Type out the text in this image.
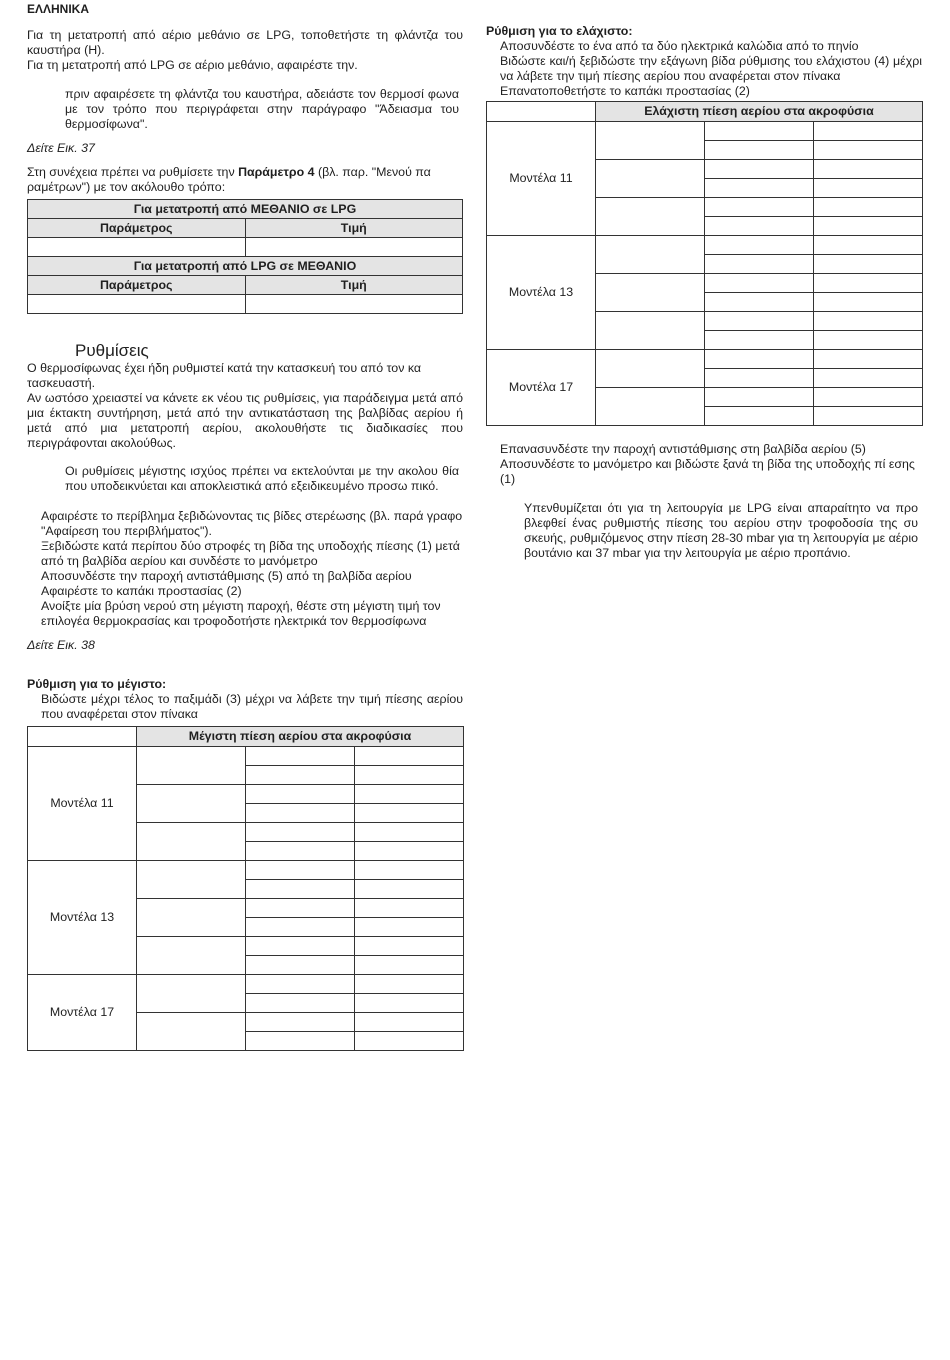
ΕΛΛΗΝΙΚΑ

Για τη μετατροπή από αέριο μεθάνιο σε LPG, τοποθετήστε τη φλάντζα του καυστήρα (H).

Για τη μετατροπή από LPG σε αέριο μεθάνιο, αφαιρέστε την.

πριν αφαιρέσετε τη φλάντζα του καυστήρα, αδειάστε τον θερμοσί φωνα με τον τρόπο που περιγράφεται στην παράγραφο "Άδειασμα του θερμοσίφωνα".

Δείτε Εικ. 37

Στη συνέχεια πρέπει να ρυθμίσετε την Παράμετρο 4 (βλ. παρ. "Μενού πα ραμέτρων") με τον ακόλουθο τρόπο:

Για μετατροπή από ΜΕΘΑΝΙΟ σε LPG	
Παράμετρος	Τιμή

Για μετατροπή από LPG σε ΜΕΘΑΝΙΟ	
Παράμετρος	Τιμή

Ρυθμίσεις

Ο θερμοσίφωνας έχει ήδη ρυθμιστεί κατά την κατασκευή του από τον κα τασκευαστή.

Αν ωστόσο χρειαστεί να κάνετε εκ νέου τις ρυθμίσεις, για παράδειγμα μετά από μια έκτακτη συντήρηση, μετά από την αντικατάσταση της βαλβίδας αερίου ή μετά από μια μετατροπή αερίου, ακολουθήστε τις διαδικασίες που περιγράφονται ακολούθως.

Οι ρυθμίσεις μέγιστης ισχύος πρέπει να εκτελούνται με την ακολου θία που υποδεικνύεται και αποκλειστικά από εξειδικευμένο προσω πικό.

Αφαιρέστε το περίβλημα ξεβιδώνοντας τις βίδες στερέωσης (βλ. παρά γραφο "Αφαίρεση του περιβλήματος").

Ξεβιδώστε κατά περίπου δύο στροφές τη βίδα της υποδοχής πίεσης (1) μετά από τη βαλβίδα αερίου και συνδέστε το μανόμετρο

Αποσυνδέστε την παροχή αντιστάθμισης (5) από τη βαλβίδα αερίου

Αφαιρέστε το καπάκι προστασίας (2)

Ανοίξτε μία βρύση νερού στη μέγιστη παροχή, θέστε στη μέγιστη τιμή τον επιλογέα θερμοκρασίας και τροφοδοτήστε ηλεκτρικά τον θερμοσίφωνα

Δείτε Εικ. 38

Ρύθμιση για το μέγιστο:

Βιδώστε μέχρι τέλος το παξιμάδι (3) μέχρι να λάβετε την τιμή πίεσης αερίου που αναφέρεται στον πίνακα

	Μέγιστη πίεση αερίου στα ακροφύσια		
Μοντέλα 11			

Μοντέλα 13			

Μοντέλα 17			

Ρύθμιση για το ελάχιστο:

Αποσυνδέστε το ένα από τα δύο ηλεκτρικά καλώδια από το πηνίο

Βιδώστε και/ή ξεβιδώστε την εξάγωνη βίδα ρύθμισης του ελάχιστου (4) μέχρι να λάβετε την τιμή πίεσης αερίου που αναφέρεται στον πίνακα

Επανατοποθετήστε το καπάκι προστασίας (2)

	Ελάχιστη πίεση αερίου στα ακροφύσια		
Μοντέλα 11			

Μοντέλα 13			

Μοντέλα 17			

Επανασυνδέστε την παροχή αντιστάθμισης στη βαλβίδα αερίου (5)

Αποσυνδέστε το μανόμετρο και βιδώστε ξανά τη βίδα της υποδοχής πί εσης (1)

Υπενθυμίζεται ότι για τη λειτουργία με LPG είναι απαραίτητο να προ βλεφθεί ένας ρυθμιστής πίεσης του αερίου στην τροφοδοσία της συ σκευής, ρυθμιζόμενος στην πίεση 28-30 mbar για τη λειτουργία με αέριο βουτάνιο και 37 mbar για την λειτουργία με αέριο προπάνιο.
